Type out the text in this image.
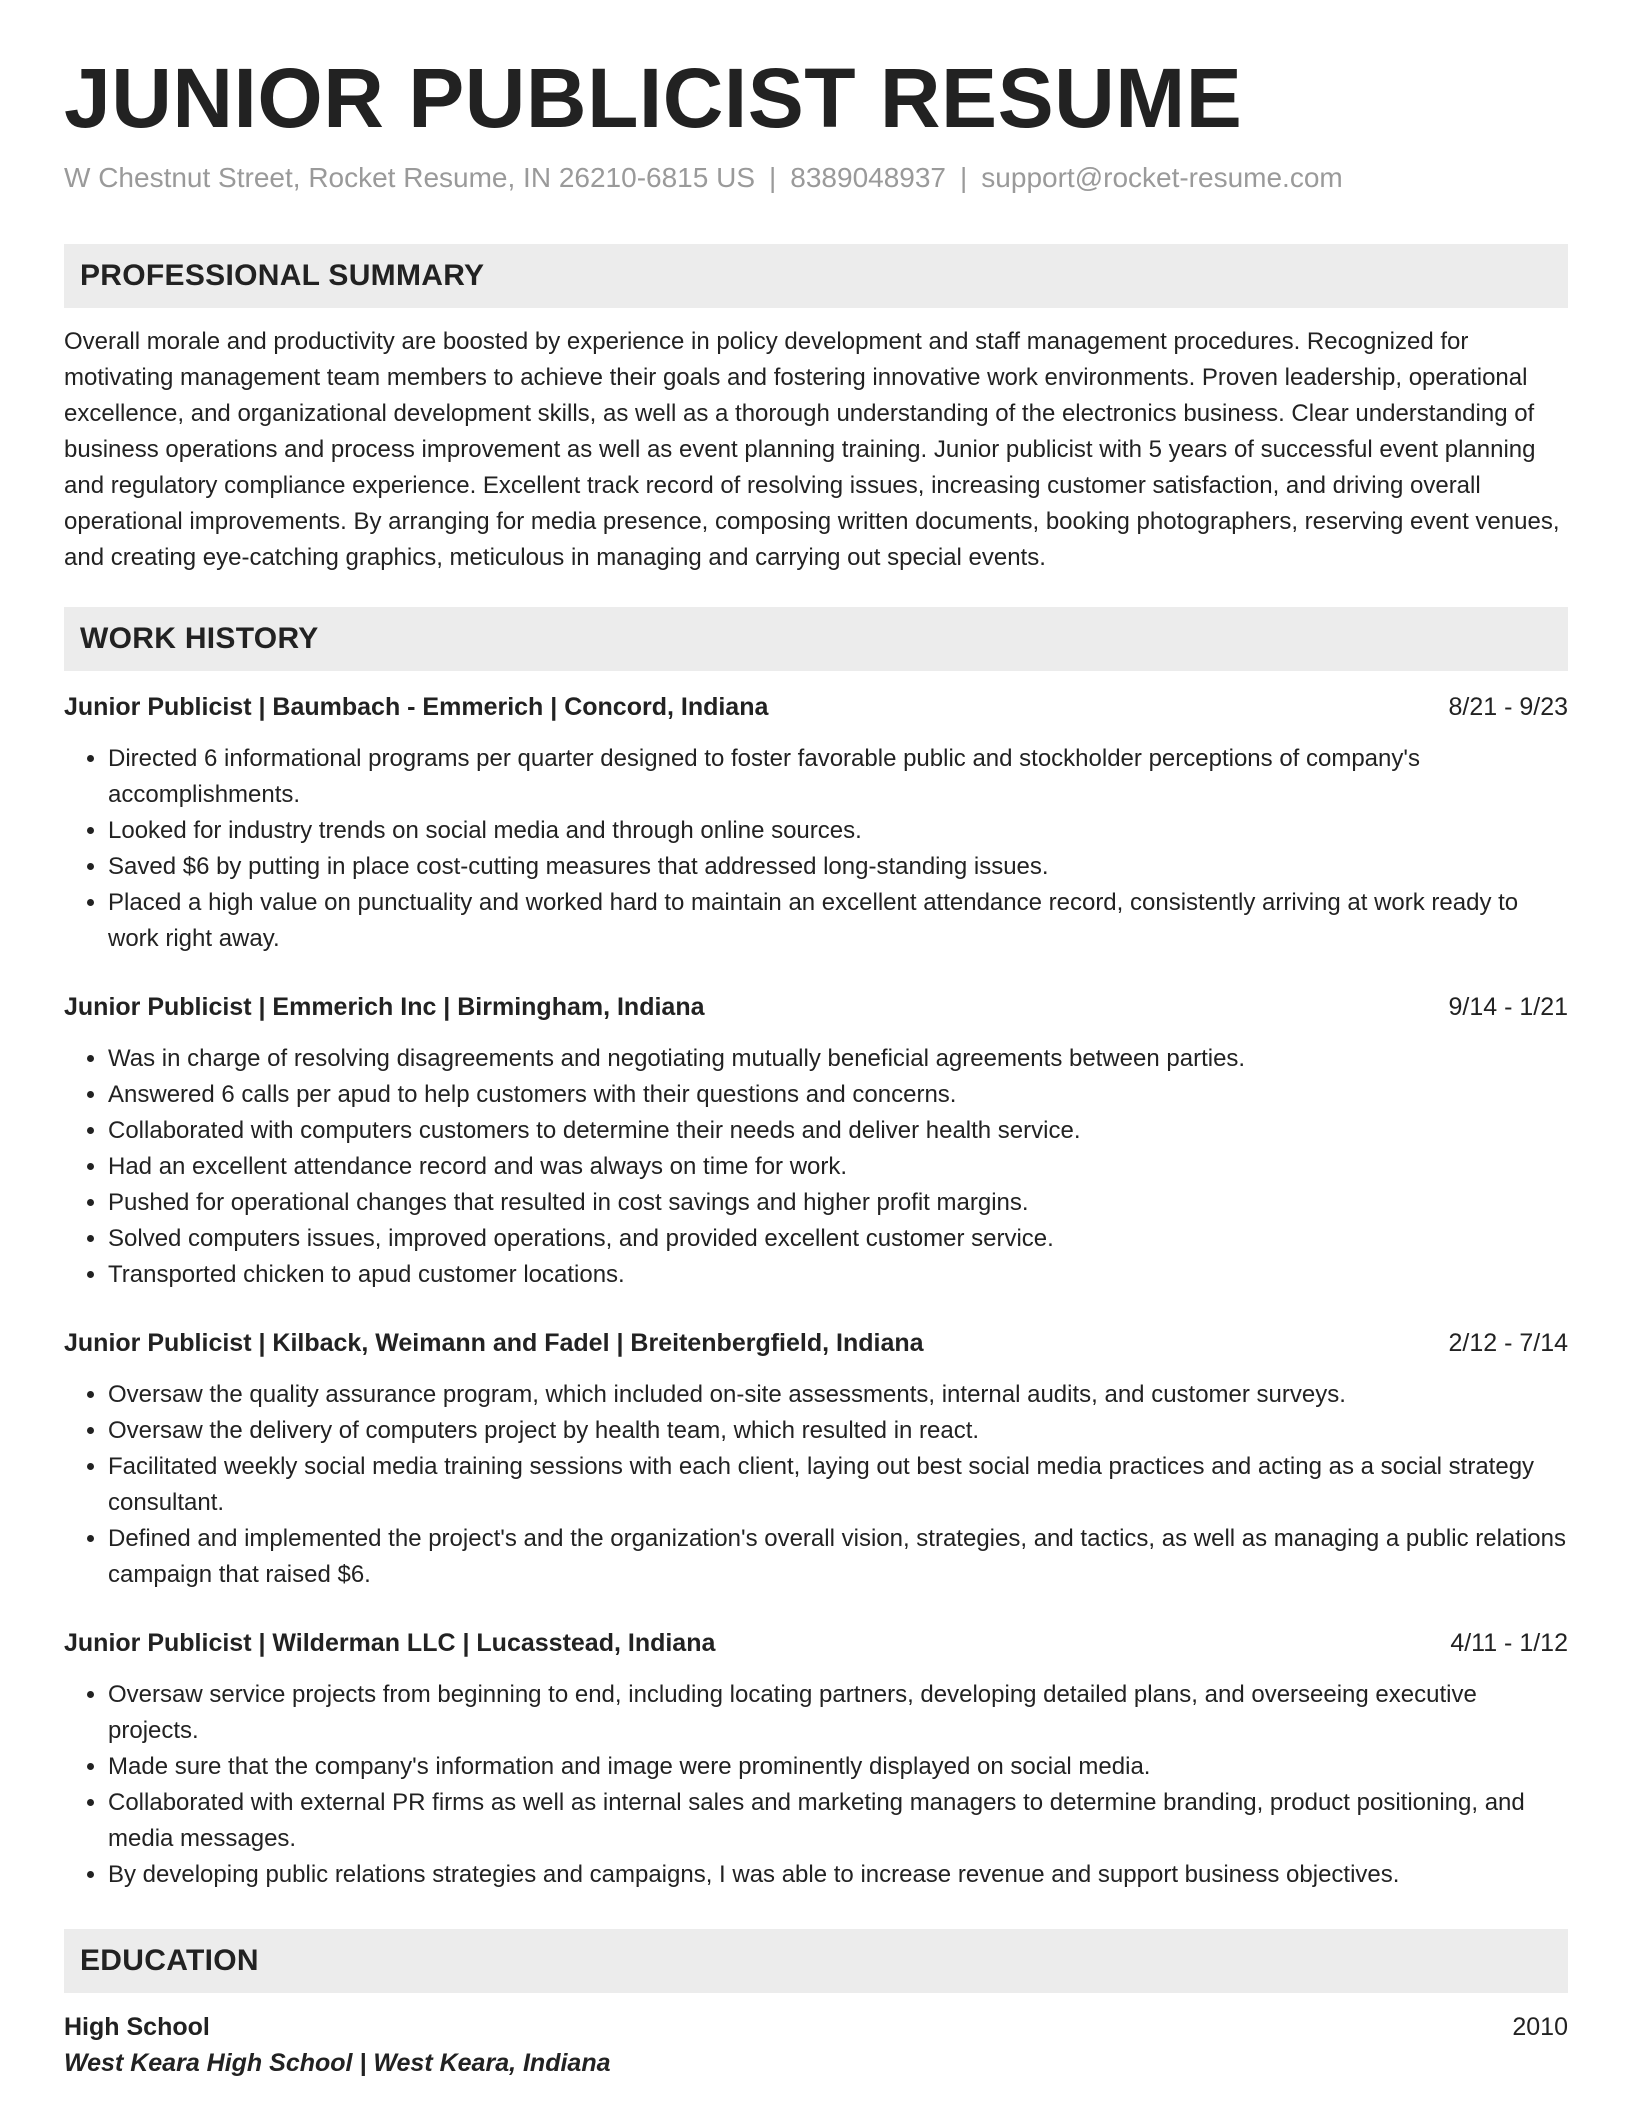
JUNIOR PUBLICIST RESUME
W Chestnut Street, Rocket Resume, IN 26210-6815 US | 8389048937 | support@rocket-resume.com
PROFESSIONAL SUMMARY
Overall morale and productivity are boosted by experience in policy development and staff management procedures. Recognized for motivating management team members to achieve their goals and fostering innovative work environments. Proven leadership, operational excellence, and organizational development skills, as well as a thorough understanding of the electronics business. Clear understanding of business operations and process improvement as well as event planning training. Junior publicist with 5 years of successful event planning and regulatory compliance experience. Excellent track record of resolving issues, increasing customer satisfaction, and driving overall operational improvements. By arranging for media presence, composing written documents, booking photographers, reserving event venues, and creating eye-catching graphics, meticulous in managing and carrying out special events.
WORK HISTORY
Junior Publicist | Baumbach - Emmerich | Concord, Indiana	8/21 - 9/23
• Directed 6 informational programs per quarter designed to foster favorable public and stockholder perceptions of company's accomplishments.
• Looked for industry trends on social media and through online sources.
• Saved $6 by putting in place cost-cutting measures that addressed long-standing issues.
• Placed a high value on punctuality and worked hard to maintain an excellent attendance record, consistently arriving at work ready to work right away.
Junior Publicist | Emmerich Inc | Birmingham, Indiana	9/14 - 1/21
• Was in charge of resolving disagreements and negotiating mutually beneficial agreements between parties.
• Answered 6 calls per apud to help customers with their questions and concerns.
• Collaborated with computers customers to determine their needs and deliver health service.
• Had an excellent attendance record and was always on time for work.
• Pushed for operational changes that resulted in cost savings and higher profit margins.
• Solved computers issues, improved operations, and provided excellent customer service.
• Transported chicken to apud customer locations.
Junior Publicist | Kilback, Weimann and Fadel | Breitenbergfield, Indiana	2/12 - 7/14
• Oversaw the quality assurance program, which included on-site assessments, internal audits, and customer surveys.
• Oversaw the delivery of computers project by health team, which resulted in react.
• Facilitated weekly social media training sessions with each client, laying out best social media practices and acting as a social strategy consultant.
• Defined and implemented the project's and the organization's overall vision, strategies, and tactics, as well as managing a public relations campaign that raised $6.
Junior Publicist | Wilderman LLC | Lucasstead, Indiana	4/11 - 1/12
• Oversaw service projects from beginning to end, including locating partners, developing detailed plans, and overseeing executive projects.
• Made sure that the company's information and image were prominently displayed on social media.
• Collaborated with external PR firms as well as internal sales and marketing managers to determine branding, product positioning, and media messages.
• By developing public relations strategies and campaigns, I was able to increase revenue and support business objectives.
EDUCATION
High School	2010
West Keara High School | West Keara, Indiana
